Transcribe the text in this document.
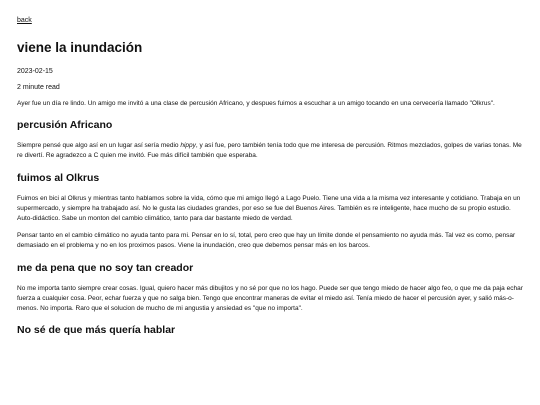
back
viene la inundación
2023-02-15
2 minute read

Ayer fue un día re lindo. Un amigo me invitó a una clase de percusión Africano, y despues fuimos a escuchar a un amigo tocando en una cervecería llamado "Olkrus".

percusión Africano

Siempre pensé que algo así en un lugar así sería medio hippy, y así fue, pero también tenía todo que me interesa de percusión. Ritmos mezclados, golpes de varias tonas. Me re divertí. Re agradezco a C quien me invitó. Fue más difícil también que esperaba.

fuimos al Olkrus

Fuimos en bici al Olkrus y mientras tanto hablamos sobre la vida, cómo que mi amigo llegó a Lago Puelo. Tiene una vida a la misma vez interesante y cotidiano. Trabaja en un supermercado, y siempre ha trabajado así. No le gusta las ciudades grandes, por eso se fue del Buenos Aires. También es re inteligente, hace mucho de su propio estudio. Auto-didáctico. Sabe un monton del cambio climático, tanto para dar bastante miedo de verdad.

Pensar tanto en el cambio climático no ayuda tanto para mi. Pensar en lo sí, total, pero creo que hay un límite donde el pensamiento no ayuda más. Tal vez es como, pensar demasiado en el problema y no en los proximos pasos. Viene la inundación, creo que debemos pensar más en los barcos.

me da pena que no soy tan creador

No me importa tanto siempre crear cosas. Igual, quiero hacer más dibujitos y no sé por que no los hago. Puede ser que tengo miedo de hacer algo feo, o que me da paja echar fuerza a cualquier cosa. Peor, echar fuerza y que no salga bien. Tengo que encontrar maneras de evitar el miedo así. Tenía miedo de hacer el percusión ayer, y salió más-o-menos. No importa. Raro que el solucion de mucho de mi angustia y ansiedad es "que no importa".

No sé de que más quería hablar
